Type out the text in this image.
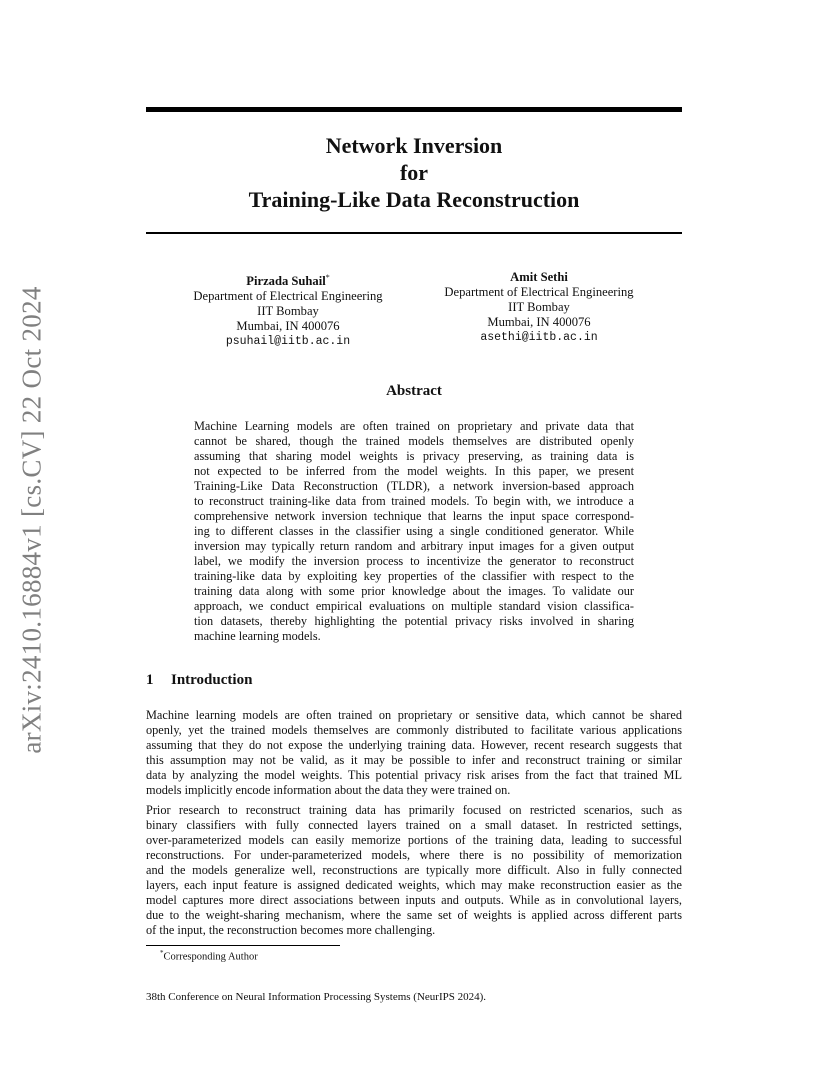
Network Inversion
for
Training-Like Data Reconstruction
arXiv:2410.16884v1 [cs.CV] 22 Oct 2024
Pirzada Suhail*
Department of Electrical Engineering
IIT Bombay
Mumbai, IN 400076
psuhail@iitb.ac.in
Amit Sethi
Department of Electrical Engineering
IIT Bombay
Mumbai, IN 400076
asethi@iitb.ac.in
Abstract
Machine Learning models are often trained on proprietary and private data that
cannot be shared, though the trained models themselves are distributed openly
assuming that sharing model weights is privacy preserving, as training data is
not expected to be inferred from the model weights. In this paper, we present
Training-Like Data Reconstruction (TLDR), a network inversion-based approach
to reconstruct training-like data from trained models. To begin with, we introduce a
comprehensive network inversion technique that learns the input space correspond-
ing to different classes in the classifier using a single conditioned generator. While
inversion may typically return random and arbitrary input images for a given output
label, we modify the inversion process to incentivize the generator to reconstruct
training-like data by exploiting key properties of the classifier with respect to the
training data along with some prior knowledge about the images. To validate our
approach, we conduct empirical evaluations on multiple standard vision classifica-
tion datasets, thereby highlighting the potential privacy risks involved in sharing
machine learning models.
1 Introduction
Machine learning models are often trained on proprietary or sensitive data, which cannot be shared
openly, yet the trained models themselves are commonly distributed to facilitate various applications
assuming that they do not expose the underlying training data. However, recent research suggests that
this assumption may not be valid, as it may be possible to infer and reconstruct training or similar
data by analyzing the model weights. This potential privacy risk arises from the fact that trained ML
models implicitly encode information about the data they were trained on.
Prior research to reconstruct training data has primarily focused on restricted scenarios, such as
binary classifiers with fully connected layers trained on a small dataset. In restricted settings,
over-parameterized models can easily memorize portions of the training data, leading to successful
reconstructions. For under-parameterized models, where there is no possibility of memorization
and the models generalize well, reconstructions are typically more difficult. Also in fully connected
layers, each input feature is assigned dedicated weights, which may make reconstruction easier as the
model captures more direct associations between inputs and outputs. While as in convolutional layers,
due to the weight-sharing mechanism, where the same set of weights is applied across different parts
of the input, the reconstruction becomes more challenging.
*Corresponding Author
38th Conference on Neural Information Processing Systems (NeurIPS 2024).
